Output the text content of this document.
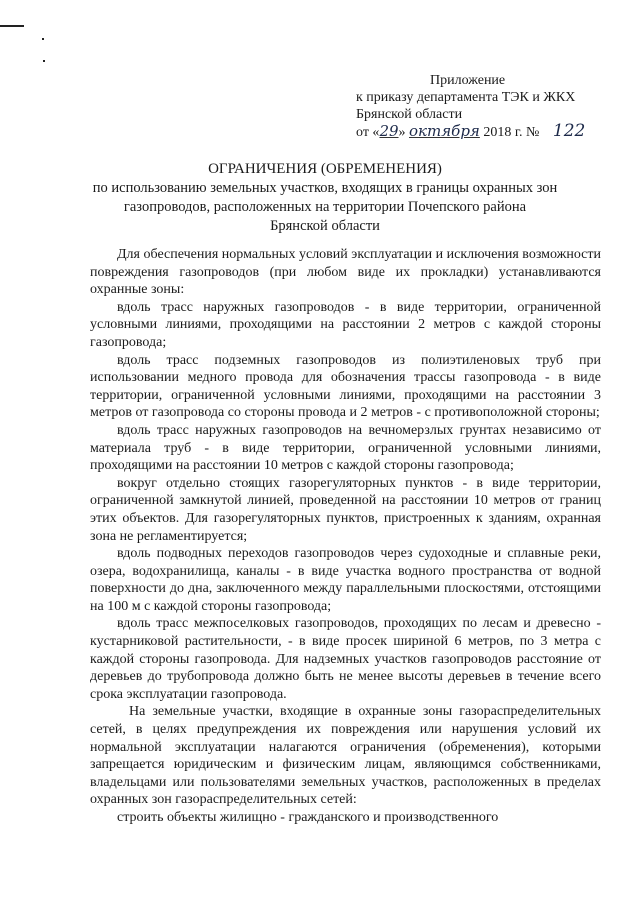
Приложение
к приказу департамента ТЭК и ЖКХ
Брянской области
от «29» октября 2018 г. № 122
ОГРАНИЧЕНИЯ (ОБРЕМЕНЕНИЯ)
по использованию земельных участков, входящих в границы охранных зон
газопроводов, расположенных на территории Почепского района
Брянской области

Для обеспечения нормальных условий эксплуатации и исключения возможности повреждения газопроводов (при любом виде их прокладки) устанавливаются охранные зоны:

вдоль трасс наружных газопроводов - в виде территории, ограниченной условными линиями, проходящими на расстоянии 2 метров с каждой стороны газопровода;

вдоль трасс подземных газопроводов из полиэтиленовых труб при использовании медного провода для обозначения трассы газопровода - в виде территории, ограниченной условными линиями, проходящими на расстоянии 3 метров от газопровода со стороны провода и 2 метров - с противоположной стороны;

вдоль трасс наружных газопроводов на вечномерзлых грунтах независимо от материала труб - в виде территории, ограниченной условными линиями, проходящими на расстоянии 10 метров с каждой стороны газопровода;

вокруг отдельно стоящих газорегуляторных пунктов - в виде территории, ограниченной замкнутой линией, проведенной на расстоянии 10 метров от границ этих объектов. Для газорегуляторных пунктов, пристроенных к зданиям, охранная зона не регламентируется;

вдоль подводных переходов газопроводов через судоходные и сплавные реки, озера, водохранилища, каналы - в виде участка водного пространства от водной поверхности до дна, заключенного между параллельными плоскостями, отстоящими на 100 м с каждой стороны газопровода;

вдоль трасс межпоселковых газопроводов, проходящих по лесам и древесно - кустарниковой растительности, - в виде просек шириной 6 метров, по 3 метра с каждой стороны газопровода. Для надземных участков газопроводов расстояние от деревьев до трубопровода должно быть не менее высоты деревьев в течение всего срока эксплуатации газопровода.

На земельные участки, входящие в охранные зоны газораспределительных сетей, в целях предупреждения их повреждения или нарушения условий их нормальной эксплуатации налагаются ограничения (обременения), которыми запрещается юридическим и физическим лицам, являющимся собственниками, владельцами или пользователями земельных участков, расположенных в пределах охранных зон газораспределительных сетей:

строить объекты жилищно - гражданского и производственного
